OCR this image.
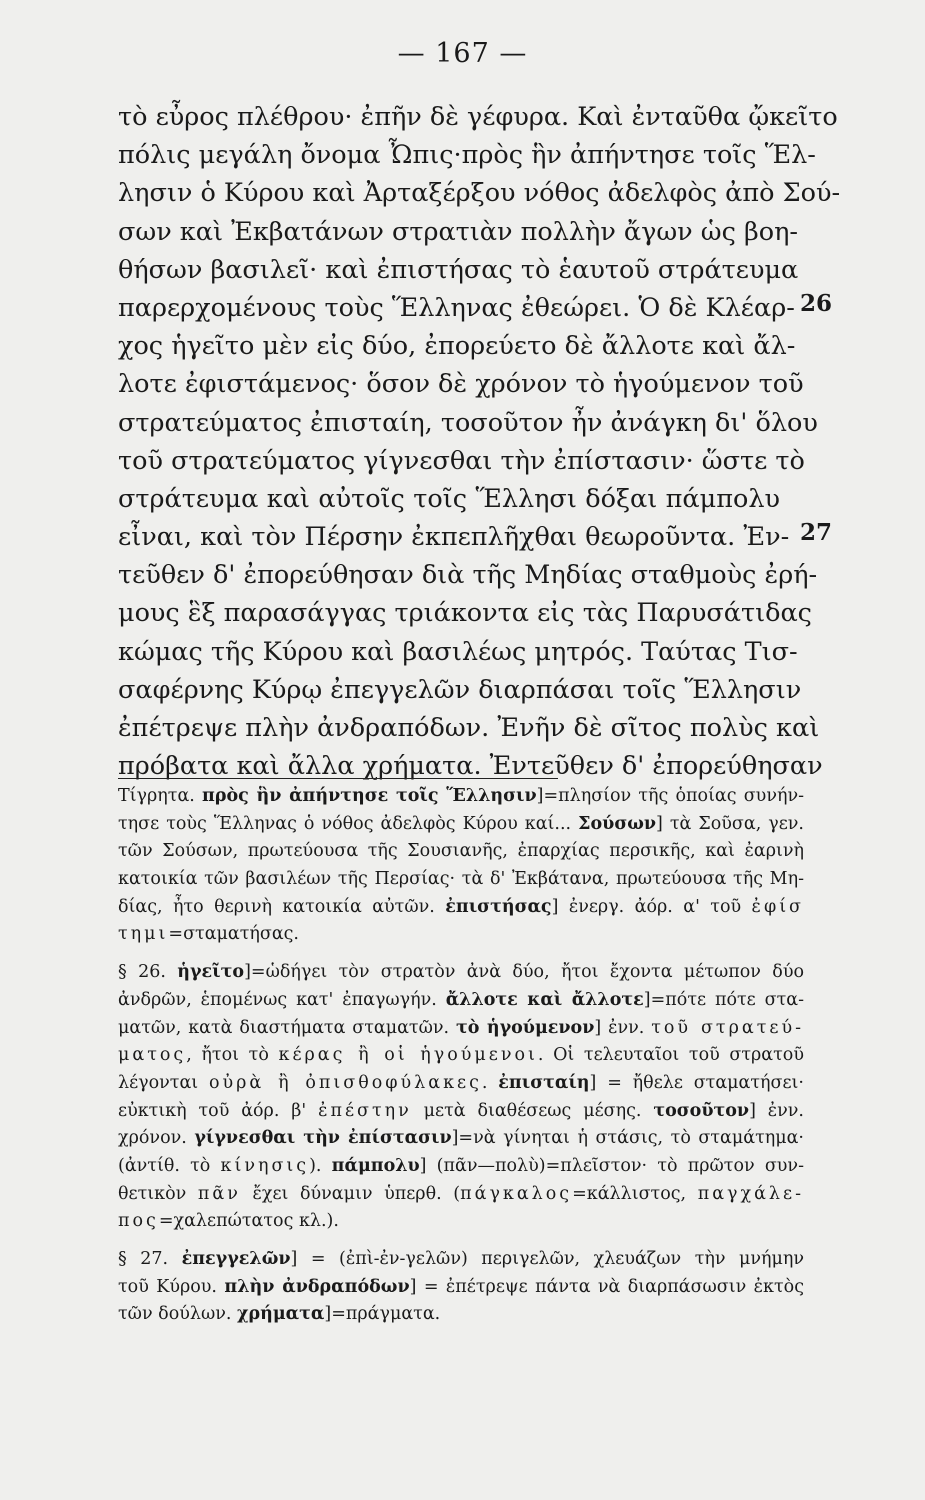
— 167 —
τὸ εὖρος πλέθρου· ἐπῆν δὲ γέφυρα. Καὶ ἐνταῦθα ᾤκεῖτο
πόλις μεγάλη ὄνομα Ὦπις·πρὸς ἣν ἀπήντησε τοῖς Ἕλ-
λησιν ὁ Κύρου καὶ Ἀρταξέρξου νόθος ἀδελφὸς ἀπὸ Σού-
σων καὶ Ἐκβατάνων στρατιὰν πολλὴν ἄγων ὡς βοη-
θήσων βασιλεῖ· καὶ ἐπιστήσας τὸ ἑαυτοῦ στράτευμα
παρερχομένους τοὺς Ἕλληνας ἐθεώρει. Ὁ δὲ Κλέαρ-
χος ἡγεῖτο μὲν εἰς δύο, ἐπορεύετο δὲ ἄλλοτε καὶ ἄλ-
λοτε ἐφιστάμενος· ὅσον δὲ χρόνον τὸ ἡγούμενον τοῦ
στρατεύματος ἐπισταίη, τοσοῦτον ἦν ἀνάγκη δι' ὅλου
τοῦ στρατεύματος γίγνεσθαι τὴν ἐπίστασιν· ὥστε τὸ
στράτευμα καὶ αὐτοῖς τοῖς Ἕλλησι δόξαι πάμπολυ
εἶναι, καὶ τὸν Πέρσην ἐκπεπλῆχθαι θεωροῦντα. Ἐν-
τεῦθεν δ' ἐπορεύθησαν διὰ τῆς Μηδίας σταθμοὺς ἐρή-
μους ἓξ παρασάγγας τριάκοντα εἰς τὰς Παρυσάτιδας
κώμας τῆς Κύρου καὶ βασιλέως μητρός. Ταύτας Τισ-
σαφέρνης Κύρῳ ἐπεγγελῶν διαρπάσαι τοῖς Ἕλλησιν
ἐπέτρεψε πλὴν ἀνδραπόδων. Ἐνῆν δὲ σῖτος πολὺς καὶ
πρόβατα καὶ ἄλλα χρήματα. Ἐντεῦθεν δ' ἐπορεύθησαν
26
27
Τίγρητα. πρὸς ἣν ἀπήντησε τοῖς Ἕλλησιν]=πλησίον τῆς ὁποίας συνήν-
τησε τοὺς Ἕλληνας ὁ νόθος ἀδελφὸς Κύρου καί... Σούσων] τὰ Σοῦσα, γεν.
τῶν Σούσων, πρωτεύουσα τῆς Σουσιανῆς, ἐπαρχίας περσικῆς, καὶ ἐαρινὴ
κατοικία τῶν βασιλέων τῆς Περσίας· τὰ δ' Ἐκβάτανα, πρωτεύουσα τῆς Μη-
δίας, ἦτο θερινὴ κατοικία αὐτῶν. ἐπιστήσας] ἐνεργ. ἀόρ. α' τοῦ ἐφίσ
τημι=σταματήσας.
§ 26. ἡγεῖτο]=ὡδήγει τὸν στρατὸν ἀνὰ δύο, ἤτοι ἔχοντα μέτωπον δύο
ἀνδρῶν, ἑπομένως κατ' ἐπαγωγήν. ἄλλοτε καὶ ἄλλοτε]=πότε πότε στα-
ματῶν, κατὰ διαστήματα σταματῶν. τὸ ἡγούμενον] ἐνν. τοῦ στρατεύ-
ματος, ἤτοι τὸ κέρας ἢ οἱ ἡγούμενοι. Οἱ τελευταῖοι τοῦ στρατοῦ
λέγονται οὐρὰ ἢ ὀπισθοφύλακες. ἐπισταίη] = ἤθελε σταματήσει·
εὐκτικὴ τοῦ ἀόρ. β' ἐπέστην μετὰ διαθέσεως μέσης. τοσοῦτον] ἐνν.
χρόνον. γίγνεσθαι τὴν ἐπίστασιν]=νὰ γίνηται ἡ στάσις, τὸ σταμάτημα·
(ἀντίθ. τὸ κίνησις). πάμπολυ] (πᾶν—πολὺ)=πλεῖστον· τὸ πρῶτον συν-
θετικὸν πᾶν ἔχει δύναμιν ὑπερθ. (πάγκαλος=κάλλιστος, παγχάλε-
πος=χαλεπώτατος κλ.).
§ 27. ἐπεγγελῶν] = (ἐπὶ-ἐν-γελῶν) περιγελῶν, χλευάζων τὴν μνήμην
τοῦ Κύρου. πλὴν ἀνδραπόδων] = ἐπέτρεψε πάντα νὰ διαρπάσωσιν ἐκτὸς
τῶν δούλων. χρήματα]=πράγματα.
